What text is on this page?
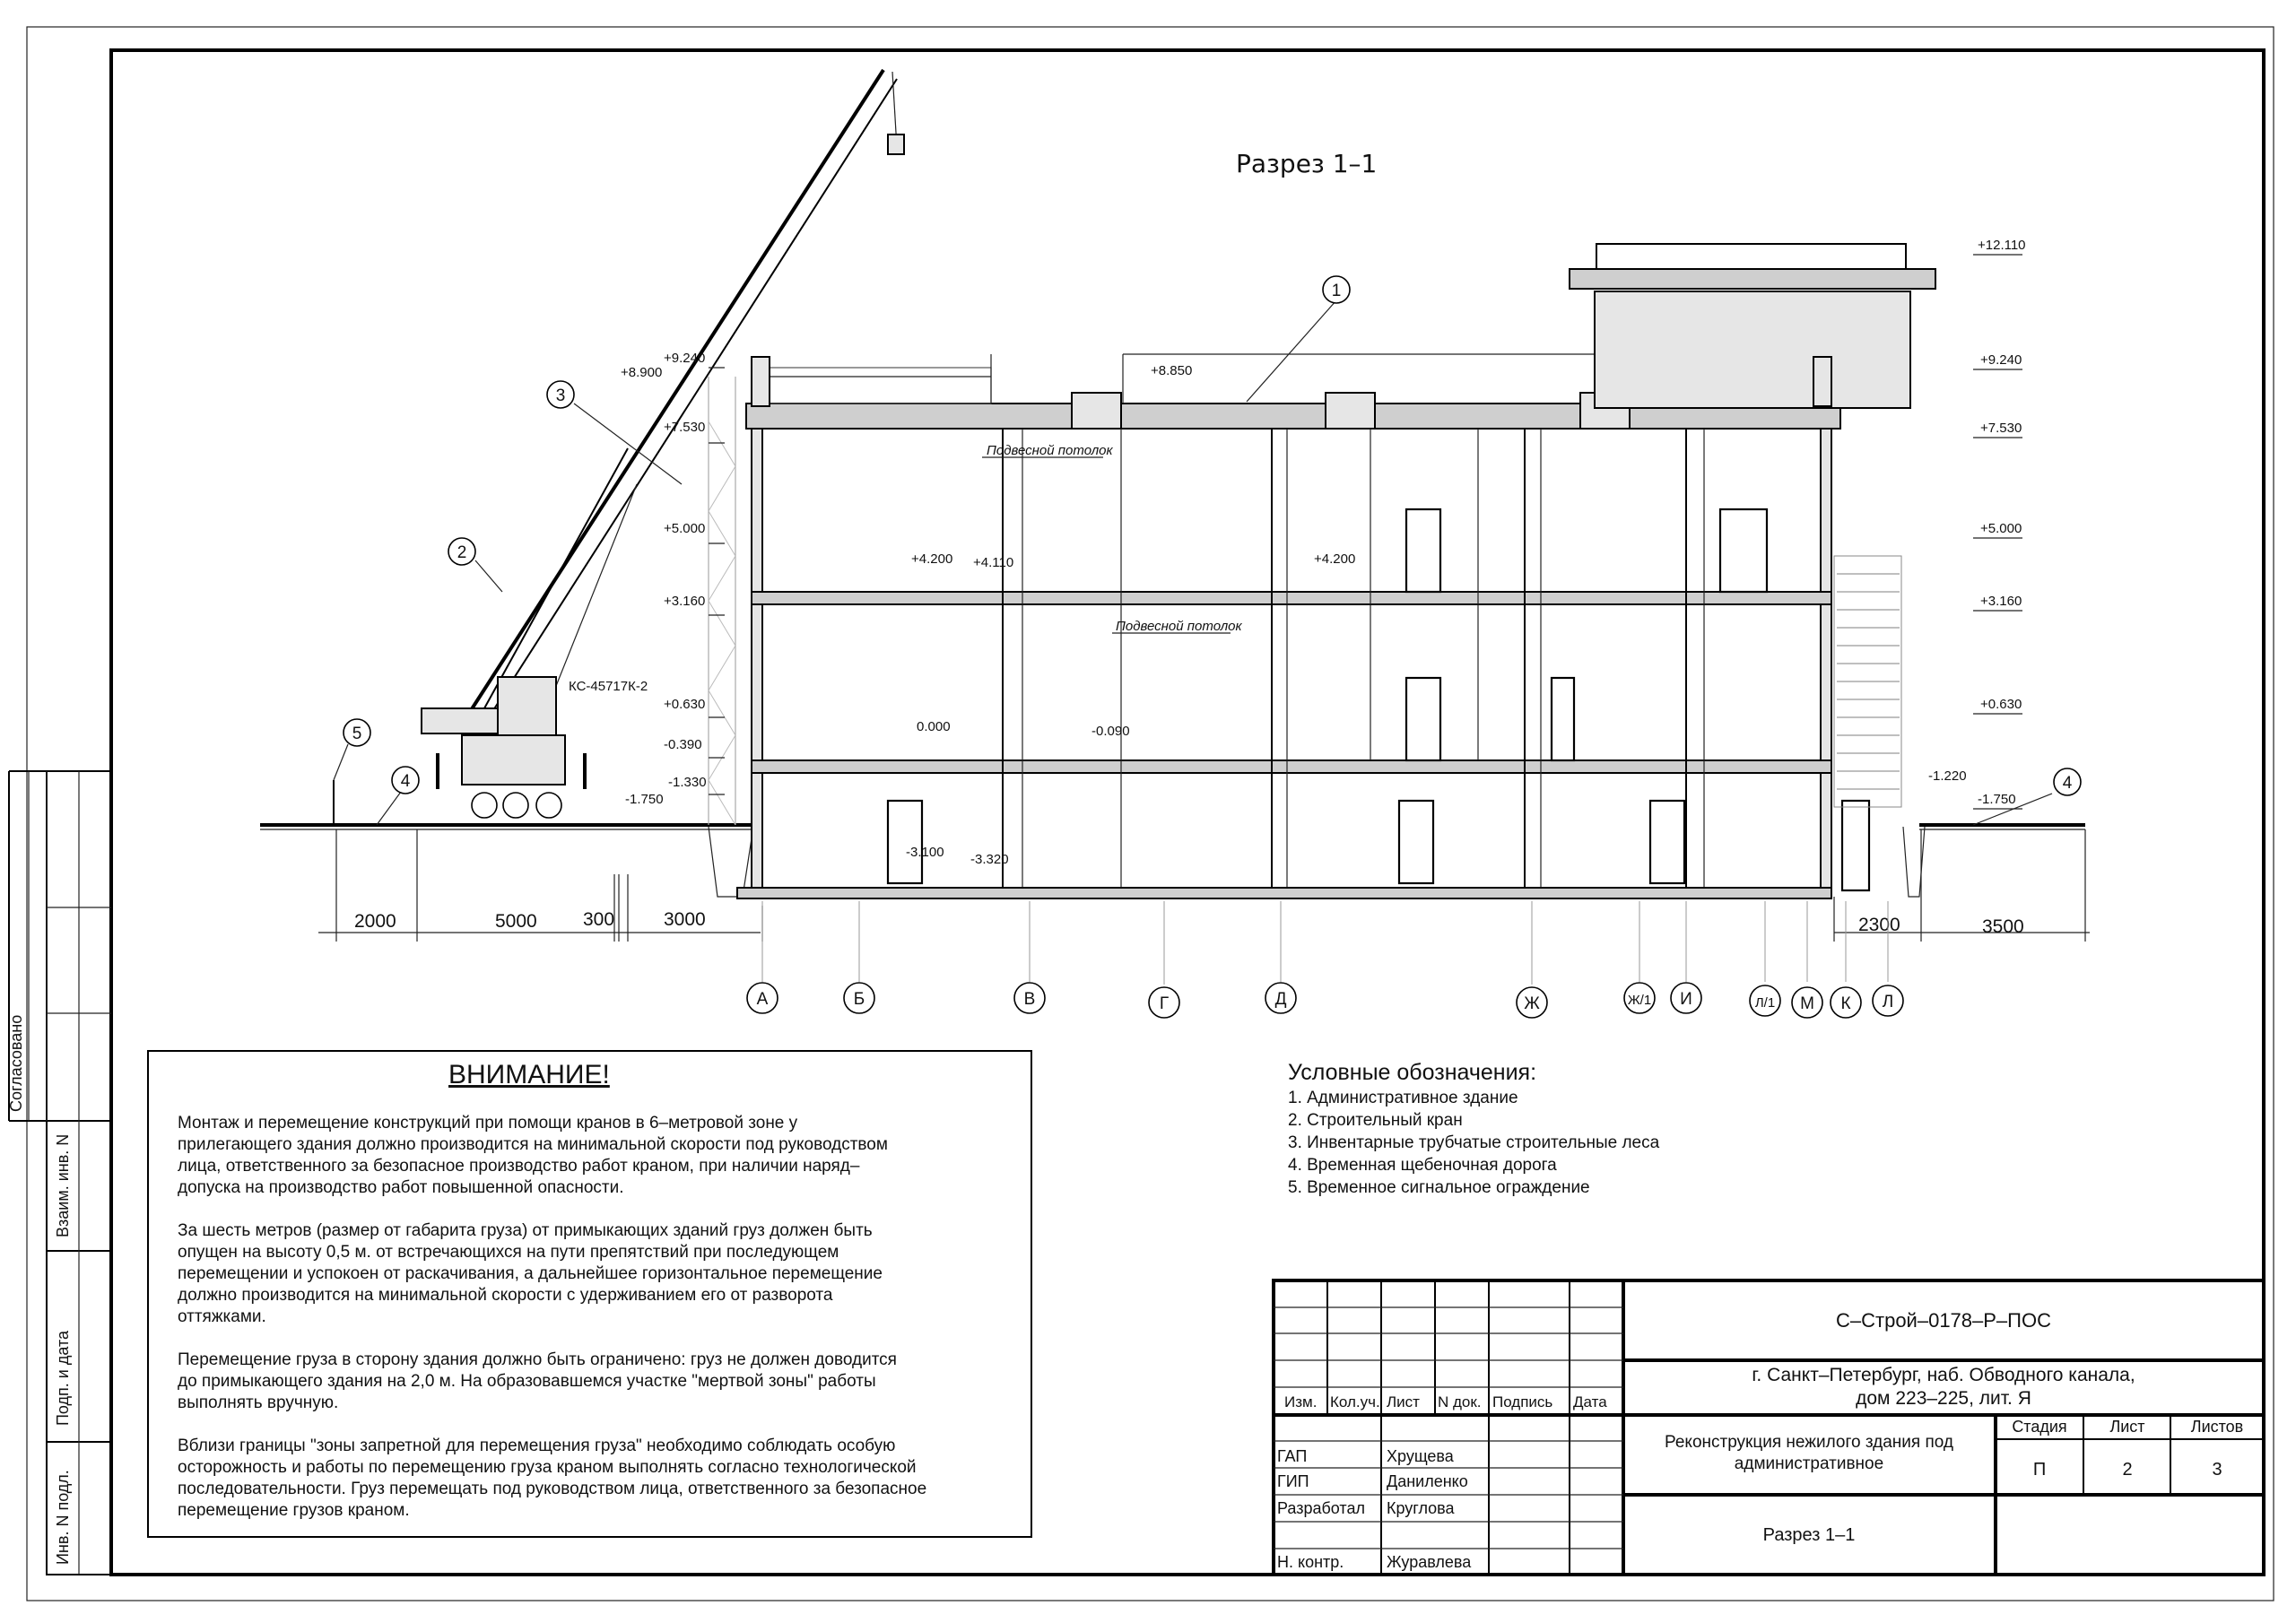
Согласовано
Взаим. инв. N
Подп. и дата
Инв. N подл.
Разрез 1–1
КС-45717К-2
Подвесной потолок
Подвесной потолок
1
2
3
4	4
5
+9.240
+8.900
+7.530
+5.000
+3.160
+0.630
-0.390
-1.330
-1.750
+12.110
+9.240
+7.530
+5.000
+3.160
+0.630
-1.220
-1.750
+8.850
+4.200 +4.110	+4.200
0.000	-0.090
-3.100 -3.320
2000	5000 300	3000	2300	3500
А	Б	В	Г	Д	Ж	Ж/1 И	Л/1 М К Л
ВНИМАНИЕ!
Монтаж и перемещение конструкций при помощи кранов в 6–метровой зоне у
прилегающего здания должно производится на минимальной скорости под руководством
лица, ответственного за безопасное производство работ краном, при наличии наряд–
допуска на производство работ повышенной опасности.
За шесть метров (размер от габарита груза) от примыкающих зданий груз должен быть
опущен на высоту 0,5 м. от встречающихся на пути препятствий при последующем
перемещении и успокоен от раскачивания, а дальнейшее горизонтальное перемещение
должно производится на минимальной скорости с удерживанием его от разворота
оттяжками.
Перемещение груза в сторону здания должно быть ограничено: груз не должен доводится
до примыкающего здания на 2,0 м. На образовавшемся участке "мертвой зоны" работы
выполнять вручную.
Вблизи границы "зоны запретной для перемещения груза" необходимо соблюдать особую
осторожность и работы по перемещению груза краном выполнять согласно технологической
последовательности. Груз перемещать под руководством лица, ответственного за безопасное
перемещение грузов краном.
Условные обозначения:
1. Административное здание
2. Строительный кран
3. Инвентарные трубчатые строительные леса
4. Временная щебеночная дорога
5. Временное сигнальное ограждение
Изм. Кол.уч. Лист N док. Подпись Дата
ГАП	Хрущева
ГИП	Даниленко
Разработал Круглова
Н. контр.	Журавлева
С–Строй–0178–Р–ПОС
г. Санкт–Петербург, наб. Обводного канала,
дом 223–225, лит. Я
Реконструкция нежилого здания под
административное
Разрез 1–1
Стадия	Лист	Листов
П	2	3
